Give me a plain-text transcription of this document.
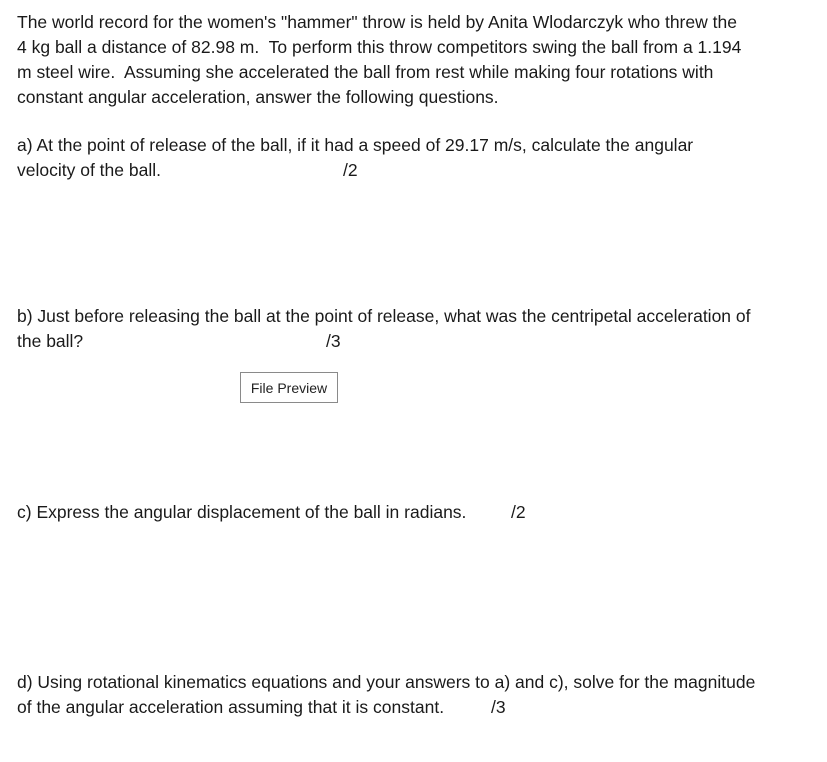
The world record for the women's "hammer" throw is held by Anita Wlodarczyk who threw the
4 kg ball a distance of 82.98 m.  To perform this throw competitors swing the ball from a 1.194
m steel wire.  Assuming she accelerated the ball from rest while making four rotations with
constant angular acceleration, answer the following questions.
a) At the point of release of the ball, if it had a speed of 29.17 m/s, calculate the angular
velocity of the ball.	/2
b) Just before releasing the ball at the point of release, what was the centripetal acceleration of
the ball?	/3
File Preview
c) Express the angular displacement of the ball in radians.	/2
d) Using rotational kinematics equations and your answers to a) and c), solve for the magnitude
of the angular acceleration assuming that it is constant.	/3
